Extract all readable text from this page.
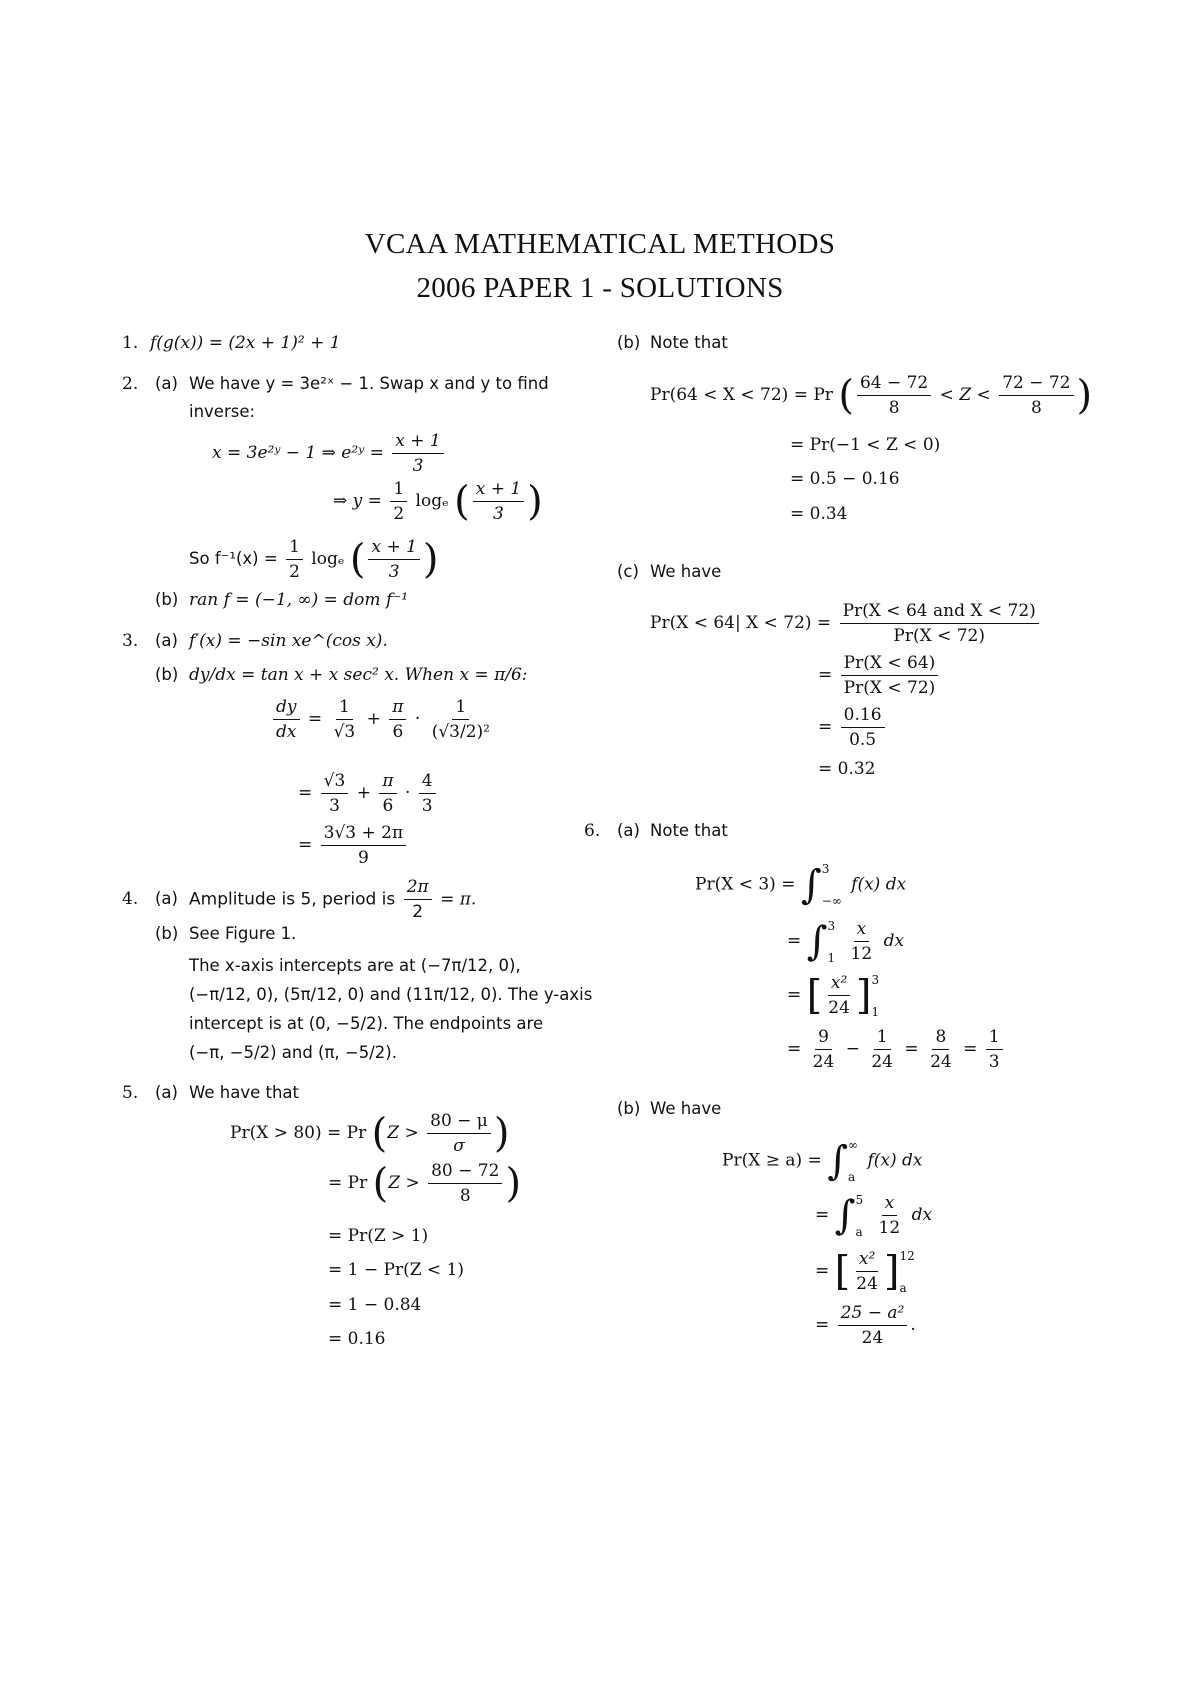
VCAA MATHEMATICAL METHODS
2006 PAPER 1 - SOLUTIONS
1. f(g(x)) = (2x + 1)² + 1
2. (a) We have y = 3e²ˣ − 1. Swap x and y to find
inverse:
x = 3e²ʸ − 1 ⇒ e²ʸ = $\frac{x + 1}{3}$
⇒ $y = \frac{1}{2}$ logₑ ( $\frac{x + 1}{3}$ )
So $f^{-1}(x) = \frac{1}{2}$ logₑ ( $\frac{x + 1}{3}$ )
(b) ran f = (−1, ∞) = dom f⁻¹
3. (a) f′(x) = −sin xe^(cos x).
(b) dy/dx = tan x + x sec² x. When x = π/6:
$\frac{dy}{dx} = \frac{1}{√3} + \frac{\pi}{6} \cdot \frac{1}{\text{(√3/2)²}}$
= $\frac{√3}{3} + \frac{\pi}{6} \cdot \frac{4}{3}$
= $\frac{3√3 + 2\pi}{9}$
4. (a) Amplitude is 5, period is $\frac{2\pi}{2} = \pi$.
(b) See Figure 1.
The x-axis intercepts are at (−7π/12, 0),
(−π/12, 0), (5π/12, 0) and (11π/12, 0). The y-axis
intercept is at (0, −5/2). The endpoints are
(−π, −5/2) and (π, −5/2).
5. (a) We have that
Pr(X > 80) = Pr ($Z > \frac{80 - \mu}{\sigma}$ )
= Pr ($Z > \frac{80 - 72}{8}$ )
= Pr(Z > 1)
= 1 − Pr(Z < 1)
= 1 − 0.84
= 0.16
(b) Note that
Pr(64 < X < 72) = Pr ( $\frac{64 - 72}{8} < Z < \frac{72 - 72}{8}$ )
= Pr(−1 < Z < 0)
= 0.5 − 0.16
= 0.34
(c) We have
Pr(X < 64| $X < 72) = \frac{\text{Pr(X < 64 and X < 72)}}{Pr(X < 72)}$
= $\frac{Pr(X < 64)}{Pr(X < 72)}$
= $\frac{0.16}{0.5}$
= 0.32
6. (a) Note that
Pr(X < 3) = ∫ 3
−∞
f(x) dx
= ∫ 3
1
$\frac{x}{12}$ dx
= [ $\frac{\text{x²}}{24}$ ] 3
1
= $\frac{9}{24} - \frac{1}{24} = \frac{8}{24} = \frac{1}{3}$
(b) We have
Pr(X ≥ a) = ∫ ∞
a
f(x) dx
= ∫ 5
a
$\frac{x}{12}$ dx
= [ $\frac{\text{x²}}{24}$ ] 12
a
= $\frac{\text{25 − a²}}{24}$ .
